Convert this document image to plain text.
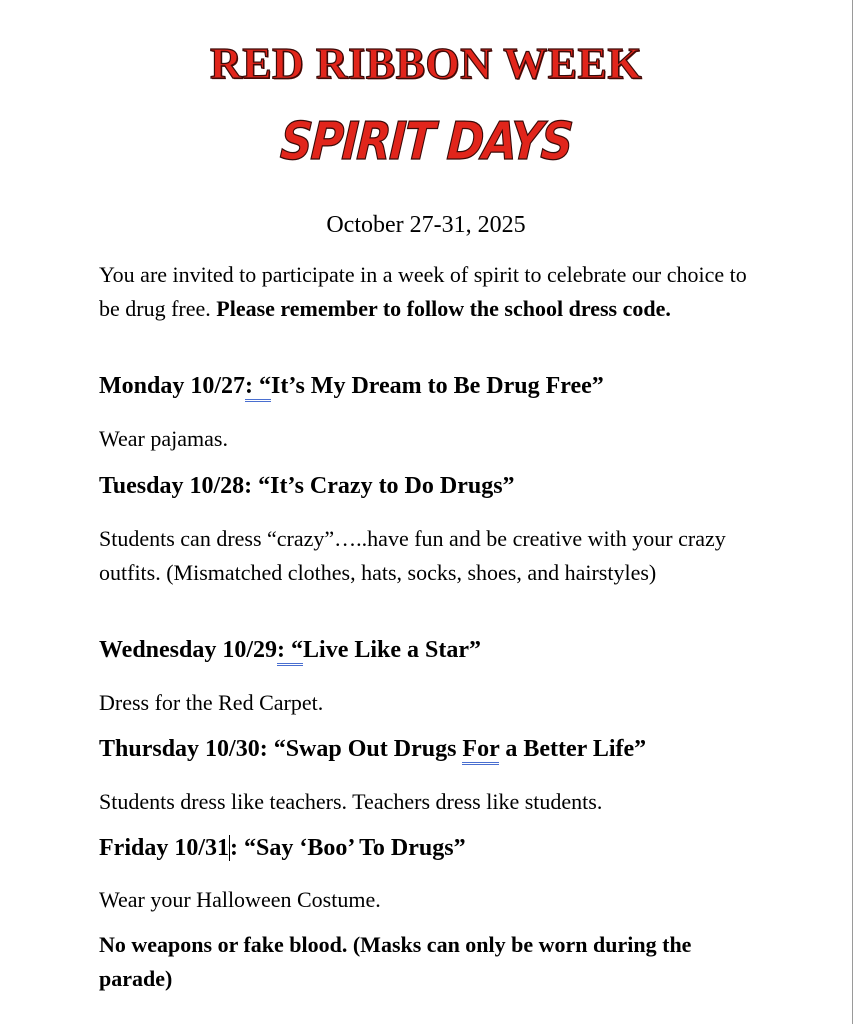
RED RIBBON WEEK
SPIRIT DAYS
October 27-31, 2025
You are invited to participate in a week of spirit to celebrate our choice to be drug free. Please remember to follow the school dress code.
Monday 10/27: “It’s My Dream to Be Drug Free”
Wear pajamas.
Tuesday 10/28: “It’s Crazy to Do Drugs”
Students can dress “crazy”…..have fun and be creative with your crazy outfits. (Mismatched clothes, hats, socks, shoes, and hairstyles)
Wednesday 10/29: “Live Like a Star”
Dress for the Red Carpet.
Thursday 10/30: “Swap Out Drugs For a Better Life”
Students dress like teachers. Teachers dress like students.
Friday 10/31: “Say ‘Boo’ To Drugs”
Wear your Halloween Costume.
No weapons or fake blood. (Masks can only be worn during the parade)
